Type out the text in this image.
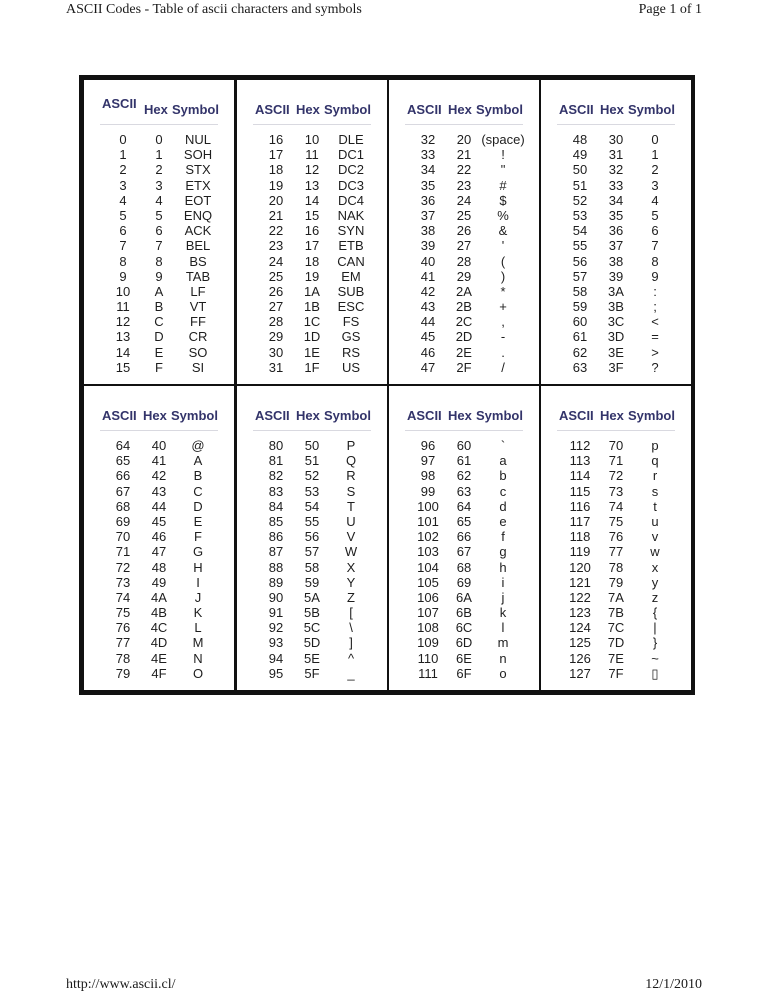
ASCII Codes - Table of ascii characters and symbols	Page 1 of 1
ASCII Hex Symbol
0	0	NUL
1	1	SOH
2	2	STX
3	3	ETX
4	4	EOT
5	5	ENQ
6	6	ACK
7	7	BEL
8	8	BS
9	9	TAB
10	A	LF
11	B	VT
12	C	FF
13	D	CR
14	E	SO
15	F	SI
ASCII Hex Symbol
16	10	DLE
17	11	DC1
18	12	DC2
19	13	DC3
20	14	DC4
21	15	NAK
22	16	SYN
23	17	ETB
24	18	CAN
25	19	EM
26	1A	SUB
27	1B	ESC
28	1C	FS
29	1D	GS
30	1E	RS
31	1F	US
ASCII Hex Symbol
32	20 (space)
33	21	!
34	22	"
35	23	#
36	24	$
37	25	%
38	26	&
39	27	'
40	28	(
41	29	)
42	2A	*
43	2B	+
44	2C	,
45	2D	-
46	2E	.
47	2F	/
ASCII Hex Symbol
48	30	0
49	31	1
50	32	2
51	33	3
52	34	4
53	35	5
54	36	6
55	37	7
56	38	8
57	39	9
58	3A	:
59	3B	;
60	3C	<
61	3D	=
62	3E	>
63	3F	?
ASCII Hex Symbol
64	40	@
65	41	A
66	42	B
67	43	C
68	44	D
69	45	E
70	46	F
71	47	G
72	48	H
73	49	I
74	4A	J
75	4B	K
76	4C	L
77	4D	M
78	4E	N
79	4F	O
ASCII Hex Symbol
80	50	P
81	51	Q
82	52	R
83	53	S
84	54	T
85	55	U
86	56	V
87	57	W
88	58	X
89	59	Y
90	5A	Z
91	5B	[
92	5C	\
93	5D	]
94	5E	^
95	5F	_
ASCII Hex Symbol
96	60	`
97	61	a
98	62	b
99	63	c
100	64	d
101	65	e
102	66	f
103	67	g
104	68	h
105	69	i
106	6A	j
107	6B	k
108	6C	l
109	6D	m
110	6E	n
111	6F	o
ASCII Hex Symbol
112	70	p
113	71	q
114	72	r
115	73	s
116	74	t
117	75	u
118	76	v
119	77	w
120	78	x
121	79	y
122	7A	z
123	7B	{
124	7C	|
125	7D	}
126	7E	~
127	7F	▯
http://www.ascii.cl/	12/1/2010
